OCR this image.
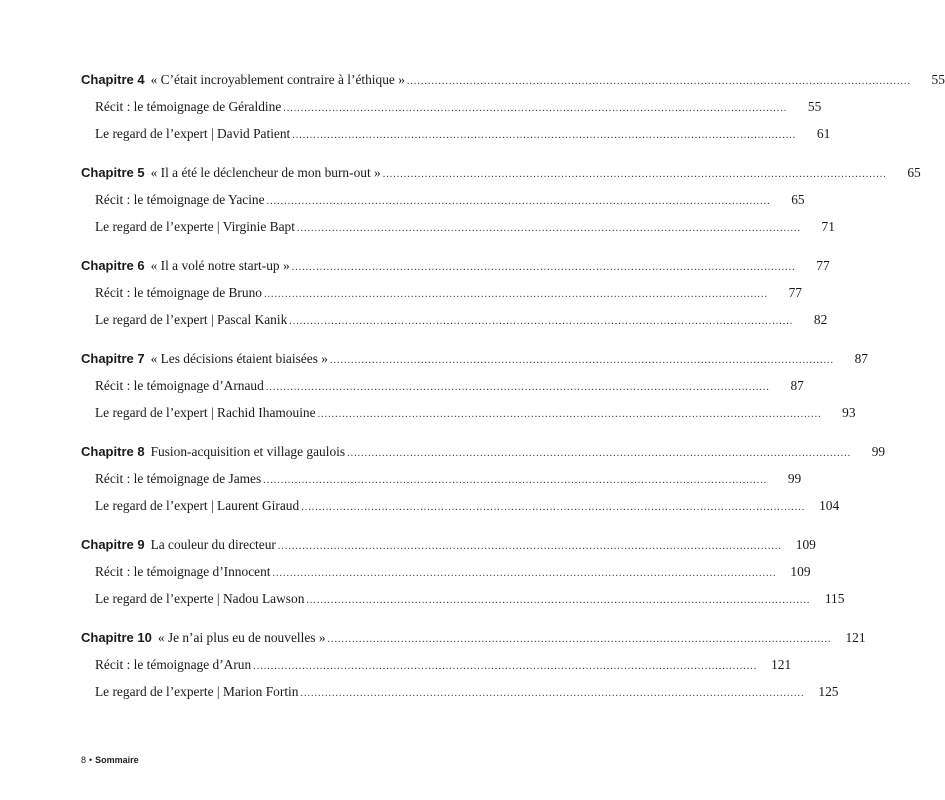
Chapitre 4 « C’était incroyablement contraire à l’éthique » .....	55
Récit : le témoignage de Géraldine .....	55
Le regard de l’expert | David Patient .....	61
Chapitre 5 « Il a été le déclencheur de mon burn-out » .....	65
Récit : le témoignage de Yacine .....	65
Le regard de l’experte | Virginie Bapt .....	71
Chapitre 6 « Il a volé notre start-up » .....	77
Récit : le témoignage de Bruno .....	77
Le regard de l’expert | Pascal Kanik .....	82
Chapitre 7 « Les décisions étaient biaisées » .....	87
Récit : le témoignage d’Arnaud .....	87
Le regard de l’expert | Rachid Ihamouine .....	93
Chapitre 8 Fusion-acquisition et village gaulois .....	99
Récit : le témoignage de James .....	99
Le regard de l’expert | Laurent Giraud .....	104
Chapitre 9 La couleur du directeur .....	109
Récit : le témoignage d’Innocent .....	109
Le regard de l’experte | Nadou Lawson .....	115
Chapitre 10 « Je n’ai plus eu de nouvelles » .....	121
Récit : le témoignage d’Arun .....	121
Le regard de l’experte | Marion Fortin .....	125
8 • Sommaire
